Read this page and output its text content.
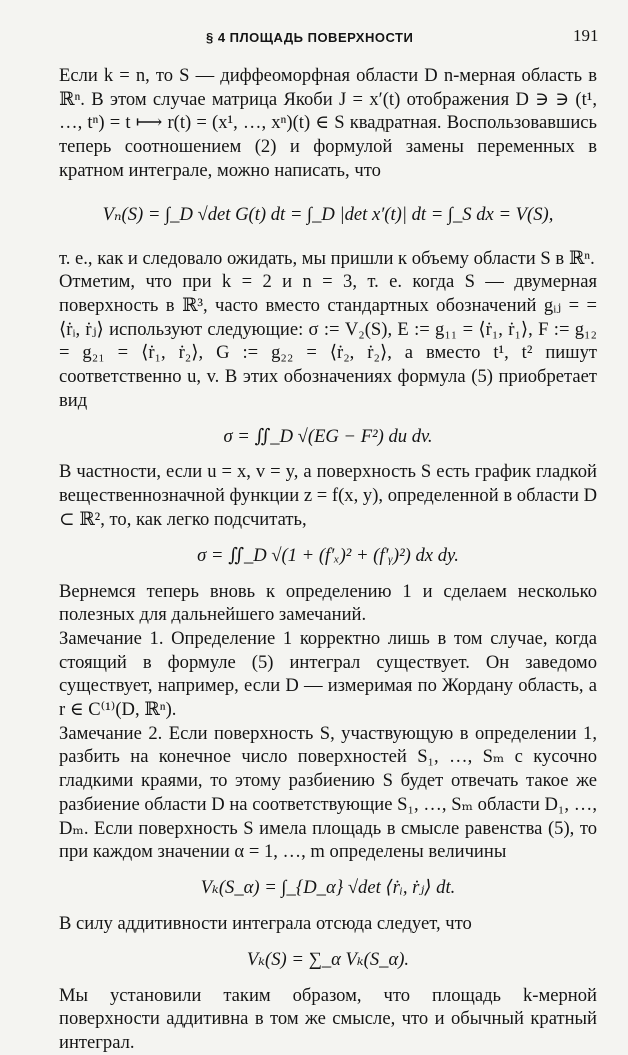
§ 4 ПЛОЩАДЬ ПОВЕРХНОСТИ	191

Если k = n, то S — диффеоморфная области D n-мерная область в ℝⁿ. В этом случае матрица Якоби J = x′(t) отображения D ∋ ∋ (t¹, …, tⁿ) = t ⟼ r(t) = (x¹, …, xⁿ)(t) ∈ S квадратная. Воспользовавшись теперь соотношением (2) и формулой замены переменных в кратном интеграле, можно написать, что

Vₙ(S) = ∫_D √det G(t) dt = ∫_D |det x′(t)| dt = ∫_S dx = V(S),

т. е., как и следовало ожидать, мы пришли к объему области S в ℝⁿ.

Отметим, что при k = 2 и n = 3, т. е. когда S — двумерная поверхность в ℝ³, часто вместо стандартных обозначений gᵢⱼ = = ⟨ṙᵢ, ṙⱼ⟩ используют следующие: σ := V₂(S), E := g₁₁ = ⟨ṙ₁, ṙ₁⟩, F := g₁₂ = g₂₁ = ⟨ṙ₁, ṙ₂⟩, G := g₂₂ = ⟨ṙ₂, ṙ₂⟩, а вместо t¹, t² пишут соответственно u, v. В этих обозначениях формула (5) приобретает вид

σ = ∬_D √(EG − F²) du dv.

В частности, если u = x, v = y, а поверхность S есть график гладкой вещественнозначной функции z = f(x, y), определенной в области D ⊂ ℝ², то, как легко подсчитать,

σ = ∬_D √(1 + (f′ₓ)² + (f′ᵧ)²) dx dy.

Вернемся теперь вновь к определению 1 и сделаем несколько полезных для дальнейшего замечаний.

Замечание 1. Определение 1 корректно лишь в том случае, когда стоящий в формуле (5) интеграл существует. Он заведомо существует, например, если D — измеримая по Жордану область, а r ∈ C⁽¹⁾(D, ℝⁿ).

Замечание 2. Если поверхность S, участвующую в определении 1, разбить на конечное число поверхностей S₁, …, Sₘ с кусочно гладкими краями, то этому разбиению S будет отвечать такое же разбиение области D на соответствующие S₁, …, Sₘ области D₁, …, Dₘ. Если поверхность S имела площадь в смысле равенства (5), то при каждом значении α = 1, …, m определены величины

Vₖ(S_α) = ∫_{D_α} √det ⟨ṙᵢ, ṙⱼ⟩ dt.

В силу аддитивности интеграла отсюда следует, что

Vₖ(S) = ∑_α Vₖ(S_α).

Мы установили таким образом, что площадь k-мерной поверхности аддитивна в том же смысле, что и обычный кратный интеграл.
